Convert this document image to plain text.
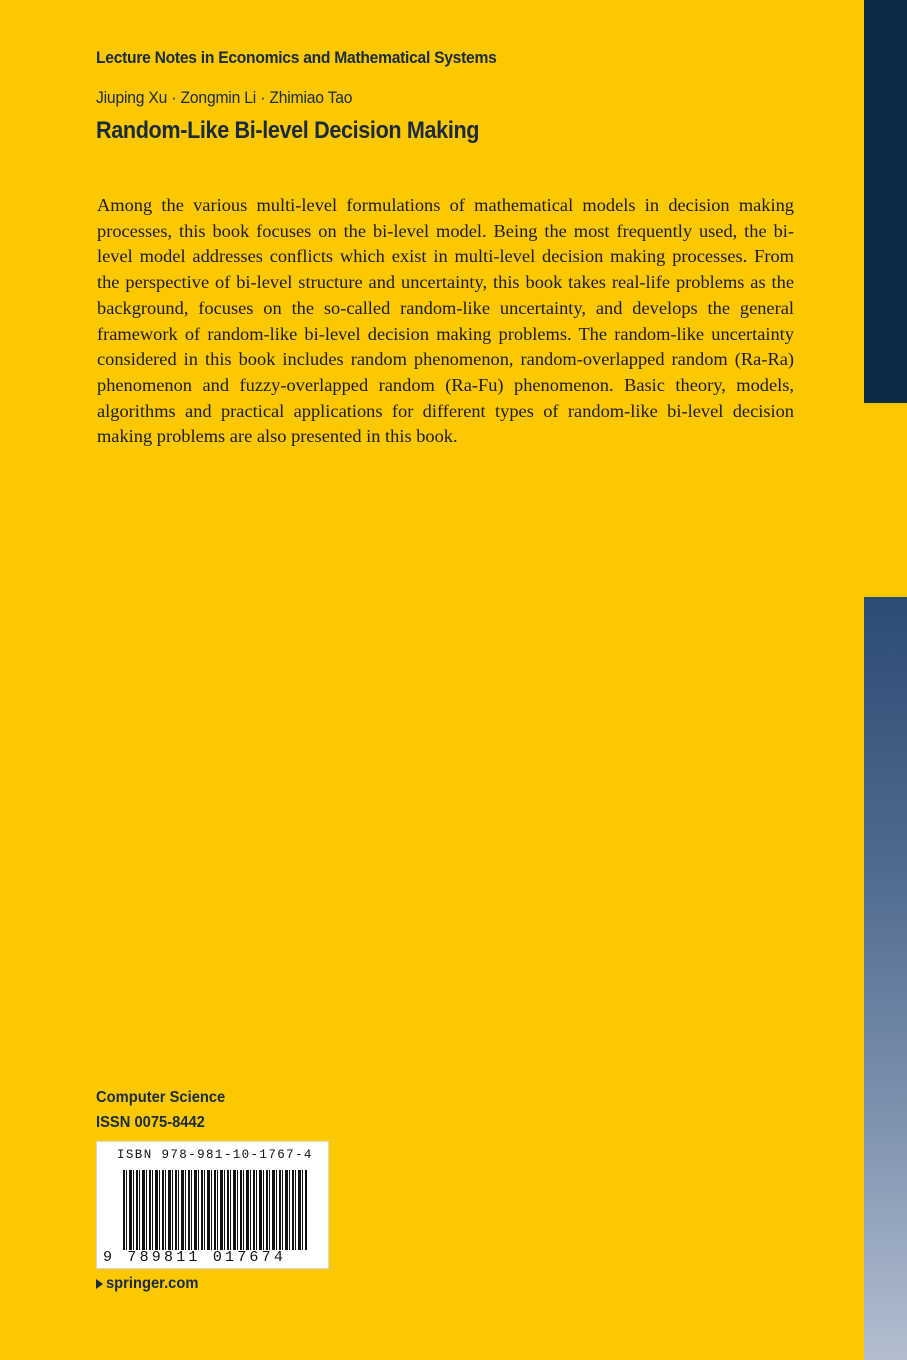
Lecture Notes in Economics and Mathematical Systems
Jiuping Xu · Zongmin Li · Zhimiao Tao
Random-Like Bi-level Decision Making
Among the various multi-level formulations of mathematical models in decision making processes, this book focuses on the bi-level model. Being the most frequently used, the bi-level model addresses conflicts which exist in multi-level decision making processes. From the perspective of bi-level structure and uncertainty, this book takes real-life problems as the background, focuses on the so-called random-like uncertainty, and develops the general framework of random-like bi-level decision making problems. The random-like uncertainty considered in this book includes random phenomenon, random-overlapped random (Ra-Ra) phenomenon and fuzzy-overlapped random (Ra-Fu) phenomenon. Basic theory, models, algorithms and practical applications for different types of random-like bi-level decision making problems are also presented in this book.
Computer Science
ISSN 0075-8442
ISBN 978-981-10-1767-4
9 789811 017674
springer.com
